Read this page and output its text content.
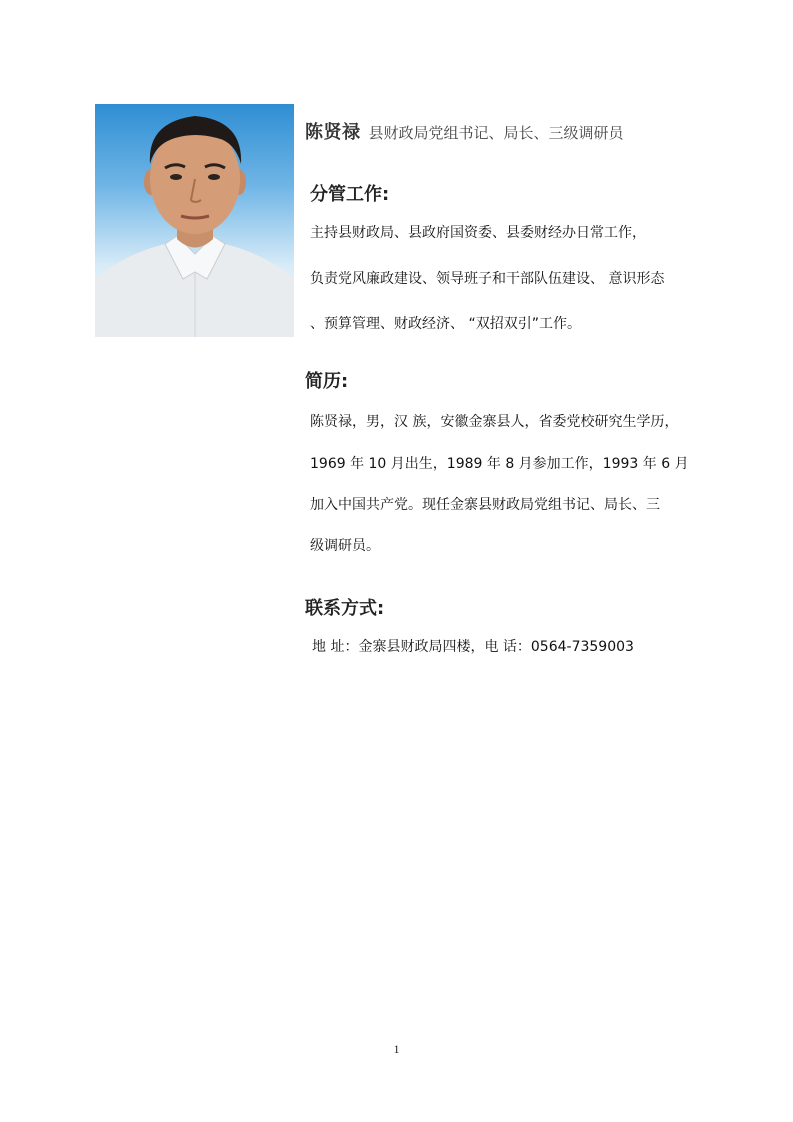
陈贤禄 县财政局党组书记、局长、三级调研员
分管工作:
主持县财政局、县政府国资委、县委财经办日常工作，
负责党风廉政建设、领导班子和干部队伍建设、 意识形态
、预算管理、财政经济、 “双招双引”工作。
简历:
陈贤禄，男，汉 族，安徽金寨县人，省委党校研究生学历，
1969 年 10 月出生，1989 年 8 月参加工作，1993 年 6 月
加入中国共产党。现任金寨县财政局党组书记、局长、三
级调研员。
联系方式:
地 址：金寨县财政局四楼，电 话：0564-7359003
1
